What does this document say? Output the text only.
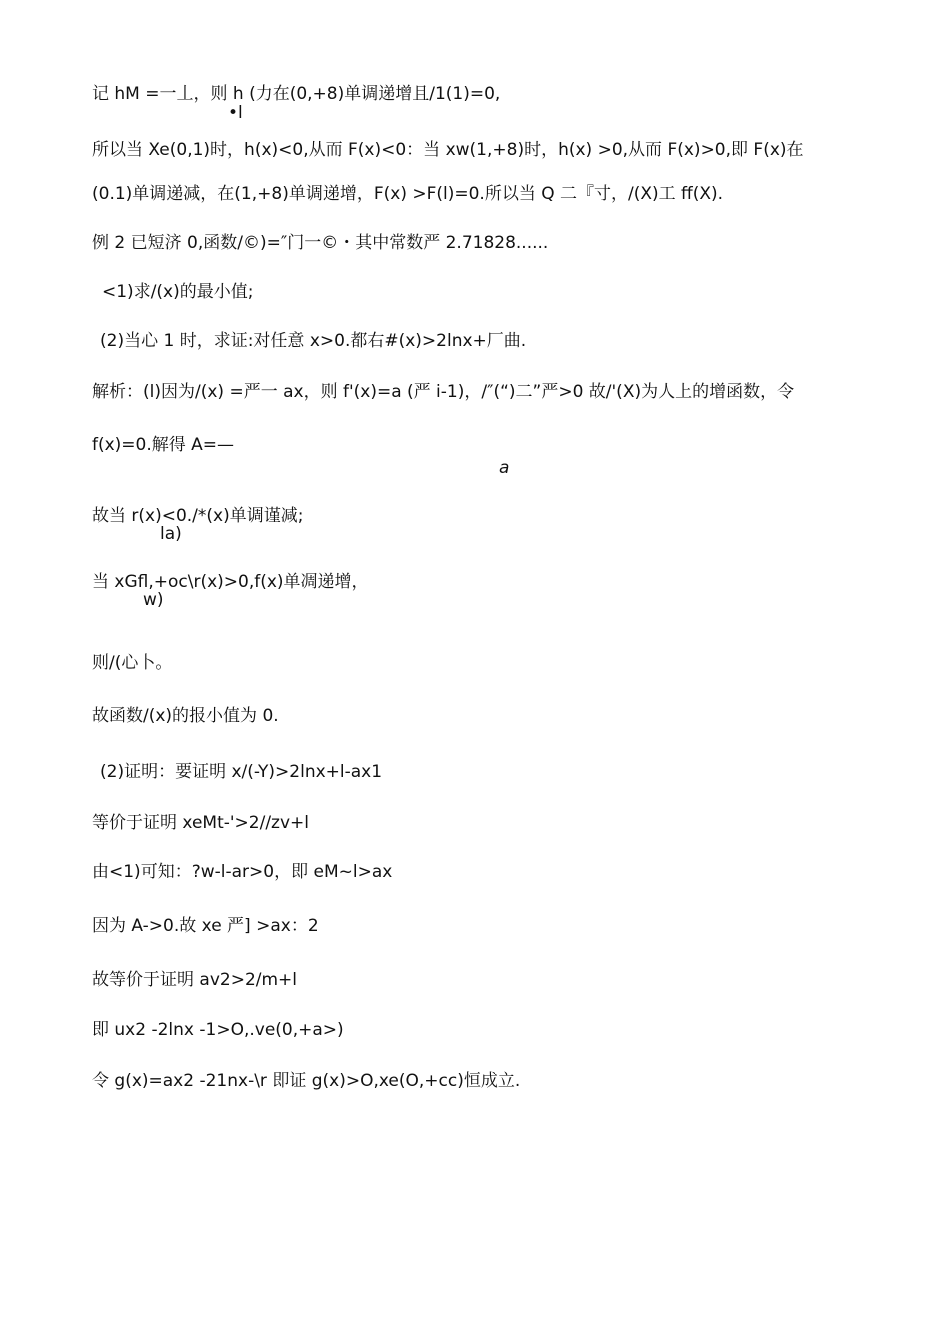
记 hM =一丄，则 h (力在(0,+8)单调递增且/1(1)=0,
•l
所以当 Xe(0,1)时，h(x)<0,从而 F(x)<0：当 xw(1,+8)时，h(x) >0,从而 F(x)>0,即 F(x)在
(0.1)单调递减，在(1,+8)单调递增，F(x) >F(l)=0.所以当 Q 二『寸，/(X)工 ff(X).
例 2 已短济 0,函数/©)=″门一©・其中常数严 2.71828......
<1)求/(x)的最小值;
(2)当心 1 时，求证:对任意 x>0.都右#(x)>2lnx+厂曲.
解析：(l)因为/(x) =严一 ax，则 f'(x)=a (严 i-1)，/″(“)二”严>0 故/'(X)为人上的增函数，令
f(x)=0.解得 A=—
a
故当 r(x)<0./*(x)单调谨减;
la)
当 xGfl,+oc\r(x)>0,f(x)单凋递增，
w)
则/(心卜。
故函数/(x)的报小值为 0.
(2)证明：要证明 x/(-Y)>2lnx+l-ax1
等价于证明 xeMt-'>2//zv+l
由<1)可知：?w-l-ar>0，即 eM~l>ax
因为 A->0.故 xe 严] >ax：2
故等价于证明 av2>2/m+l
即 ux2 -2lnx -1>O,.ve(0,+a>)
令 g(x)=ax2 -21nx-\r 即证 g(x)>O,xe(O,+cc)恒成立.
